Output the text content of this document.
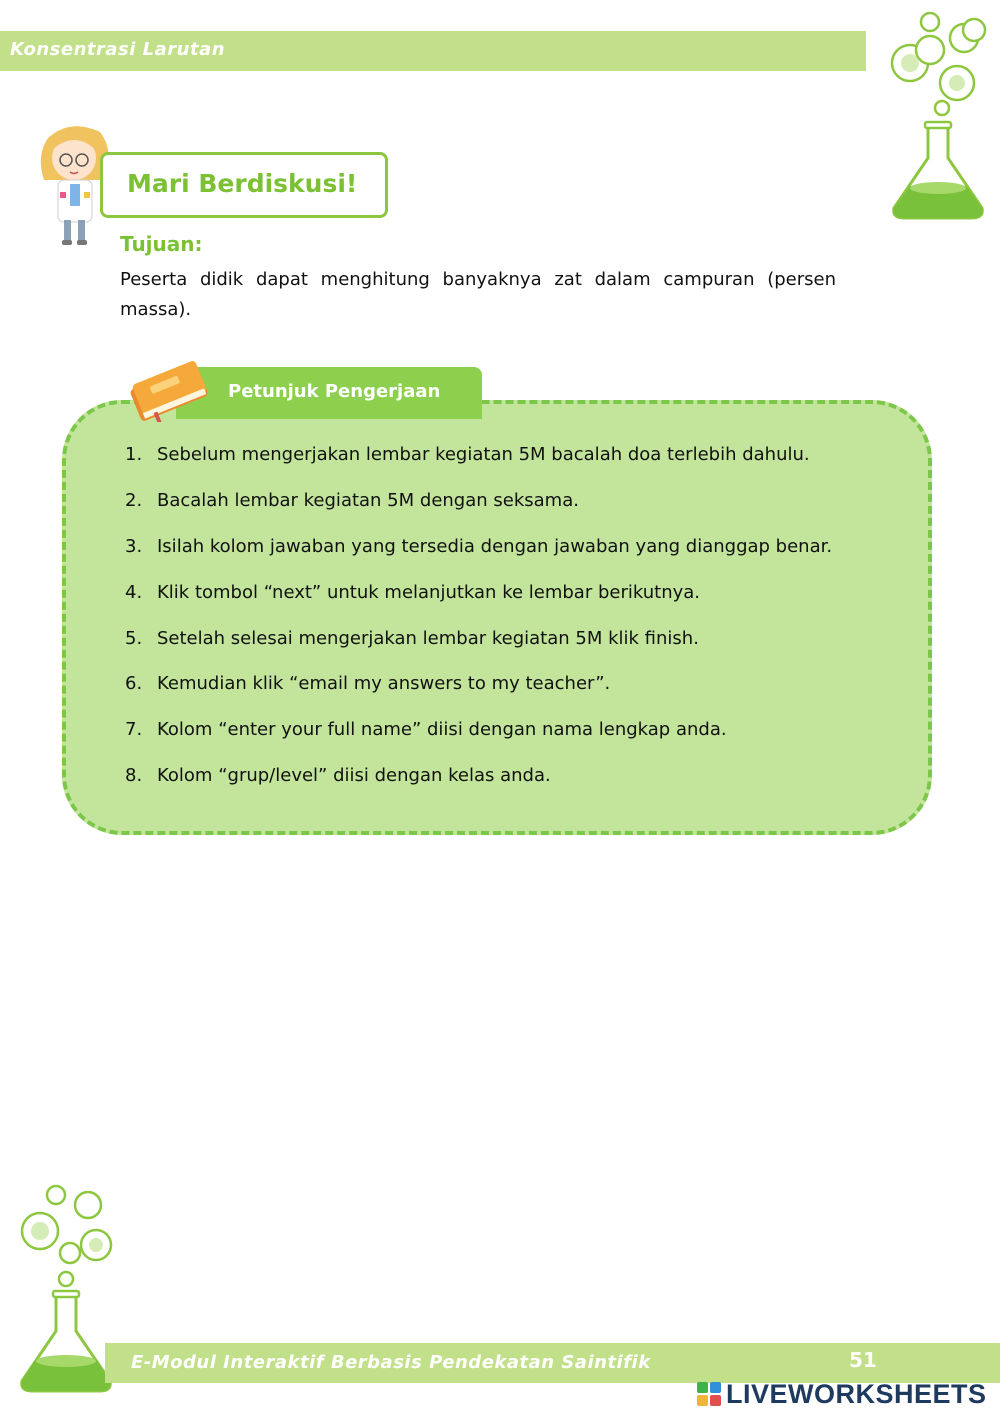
Konsentrasi Larutan
Mari Berdiskusi!
Tujuan:
Peserta didik dapat menghitung banyaknya zat dalam campuran (persen massa).
Petunjuk Pengerjaan
1. Sebelum mengerjakan lembar kegiatan 5M bacalah doa terlebih dahulu.
2. Bacalah lembar kegiatan 5M dengan seksama.
3. Isilah kolom jawaban yang tersedia dengan jawaban yang dianggap benar.
4. Klik tombol “next” untuk melanjutkan ke lembar berikutnya.
5. Setelah selesai mengerjakan lembar kegiatan 5M klik finish.
6. Kemudian klik “email my answers to my teacher”.
7. Kolom “enter your full name” diisi dengan nama lengkap anda.
8. Kolom “grup/level” diisi dengan kelas anda.
E-Modul Interaktif Berbasis Pendekatan Saintifik	51
LIVEWORKSHEETS
